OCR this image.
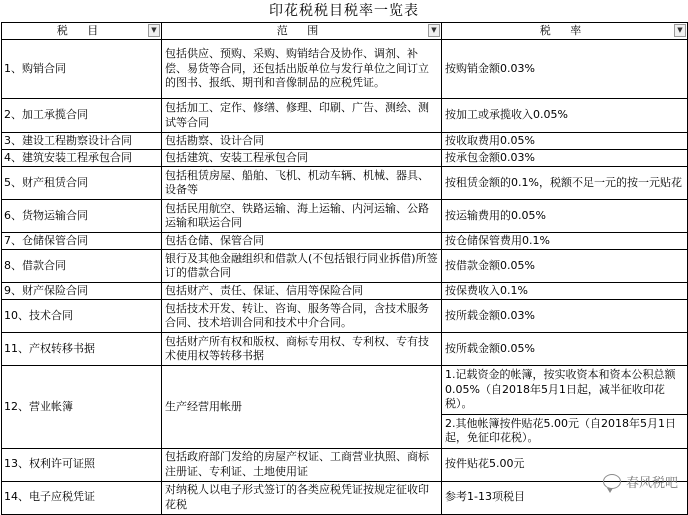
印花税税目税率一览表
税 目 ▼	范 围 ▼	税 率 ▼

1、购销合同	包括供应、预购、采购、购销结合及协作、调剂、补偿、易货等合同，还包括出版单位与发行单位之间订立的图书、报纸、期刊和音像制品的应税凭证。	按购销金额0.03%
2、加工承揽合同	包括加工、定作、修缮、修理、印刷、广告、测绘、测试等合同	按加工或承揽收入0.05%
3、建设工程勘察设计合同	包括勘察、设计合同	按收取费用0.05%
4、建筑安装工程承包合同	包括建筑、安装工程承包合同	按承包金额0.03%
5、财产租赁合同	包括租赁房屋、船舶、飞机、机动车辆、机械、器具、设备等	按租赁金额的0.1%，税额不足一元的按一元贴花
6、货物运输合同	包括民用航空、铁路运输、海上运输、内河运输、公路运输和联运合同	按运输费用的0.05%
7、仓储保管合同	包括仓储、保管合同	按仓储保管费用0.1%
8、借款合同	银行及其他金融组织和借款人(不包括银行同业拆借)所签订的借款合同	按借款金额0.05%
9、财产保险合同	包括财产、责任、保证、信用等保险合同	按保费收入0.1%
10、技术合同	包括技术开发、转让、咨询、服务等合同，含技术服务合同、技术培训合同和技术中介合同。	按所载金额0.03%
11、产权转移书据	包括财产所有权和版权、商标专用权、专利权、专有技术使用权等转移书据	按所载金额0.05%
12、营业帐簿	生产经营用帐册	1.记载资金的帐簿，按实收资本和资本公积总额0.05%（自2018年5月1日起，减半征收印花税）。
2.其他帐簿按件贴花5.00元（自2018年5月1日起，免征印花税）。

13、权利许可证照	包括政府部门发给的房屋产权证、工商营业执照、商标注册证、专利证、土地使用证	按件贴花5.00元
14、电子应税凭证	对纳税人以电子形式签订的各类应税凭证按规定征收印花税	参考1-13项税目
春风税吧
